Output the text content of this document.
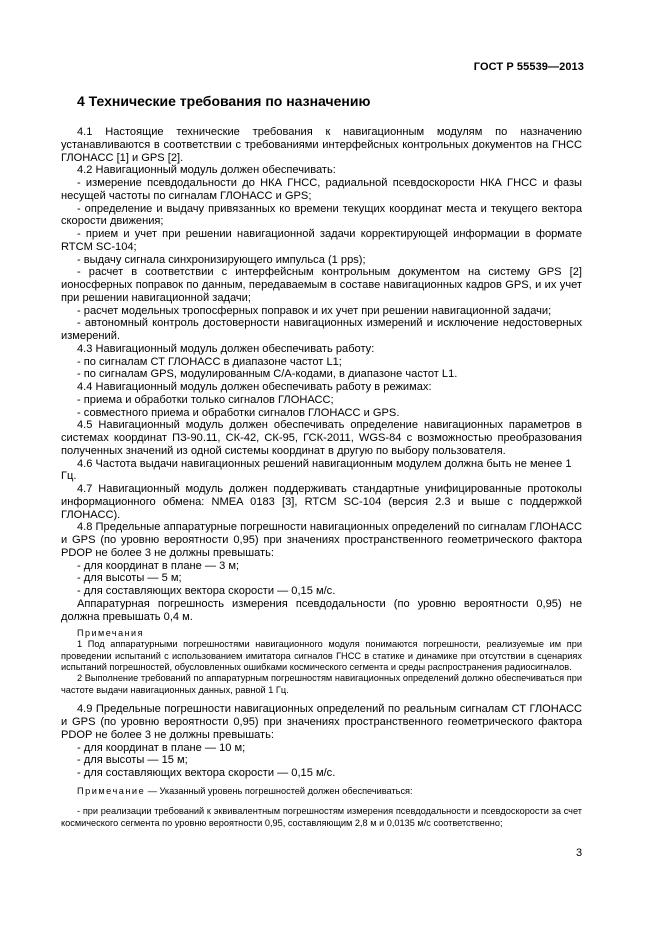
ГОСТ Р 55539—2013
4 Технические требования по назначению

4.1 Настоящие технические требования к навигационным модулям по назначению устанавливаются в соответствии с требованиями интерфейсных контрольных документов на ГНСС ГЛОНАСС [1] и GPS [2].

4.2 Навигационный модуль должен обеспечивать:

- измерение псевдодальности до НКА ГНСС, радиальной псевдоскорости НКА ГНСС и фазы несущей частоты по сигналам ГЛОНАСС и GPS;

- определение и выдачу привязанных ко времени текущих координат места и текущего вектора скорости движения;

- прием и учет при решении навигационной задачи корректирующей информации в формате RTCM SC-104;

- выдачу сигнала синхронизирующего импульса (1 pps);

- расчет в соответствии с интерфейсным контрольным документом на систему GPS [2] ионосферных поправок по данным, передаваемым в составе навигационных кадров GPS, и их учет при решении навигационной задачи;

- расчет модельных тропосферных поправок и их учет при решении навигационной задачи;

- автономный контроль достоверности навигационных измерений и исключение недостоверных измерений.

4.3 Навигационный модуль должен обеспечивать работу:

- по сигналам СТ ГЛОНАСС в диапазоне частот L1;

- по сигналам GPS, модулированным С/А-кодами, в диапазоне частот L1.

4.4 Навигационный модуль должен обеспечивать работу в режимах:

- приема и обработки только сигналов ГЛОНАСС;

- совместного приема и обработки сигналов ГЛОНАСС и GPS.

4.5 Навигационный модуль должен обеспечивать определение навигационных параметров в системах координат ПЗ-90.11, СК-42, СК-95, ГСК-2011, WGS-84 с возможностью преобразования полученных значений из одной системы координат в другую по выбору пользователя.

4.6 Частота выдачи навигационных решений навигационным модулем должна быть не менее 1 Гц.

4.7 Навигационный модуль должен поддерживать стандартные унифицированные протоколы информационного обмена: NMEA 0183 [3], RTCM SC-104 (версия 2.3 и выше с поддержкой ГЛОНАСС).

4.8 Предельные аппаратурные погрешности навигационных определений по сигналам ГЛОНАСС и GPS (по уровню вероятности 0,95) при значениях пространственного геометрического фактора PDOP не более 3 не должны превышать:

- для координат в плане — 3 м;

- для высоты — 5 м;

- для составляющих вектора скорости — 0,15 м/с.

Аппаратурная погрешность измерения псевдодальности (по уровню вероятности 0,95) не должна превышать 0,4 м.

Примечания

1 Под аппаратурными погрешностями навигационного модуля понимаются погрешности, реализуемые им при проведении испытаний с использованием имитатора сигналов ГНСС в статике и динамике при отсутствии в сценариях испытаний погрешностей, обусловленных ошибками космического сегмента и среды распространения радиосигналов.

2 Выполнение требований по аппаратурным погрешностям навигационных определений должно обеспечиваться при частоте выдачи навигационных данных, равной 1 Гц.

4.9 Предельные погрешности навигационных определений по реальным сигналам СТ ГЛОНАСС и GPS (по уровню вероятности 0,95) при значениях пространственного геометрического фактора PDOP не более 3 не должны превышать:

- для координат в плане — 10 м;

- для высоты — 15 м;

- для составляющих вектора скорости — 0,15 м/с.

Примечание — Указанный уровень погрешностей должен обеспечиваться:

- при реализации требований к эквивалентным погрешностям измерения псевдодальности и псевдоскорости за счет космического сегмента по уровню вероятности 0,95, составляющим 2,8 м и 0,0135 м/с соответственно;

3
